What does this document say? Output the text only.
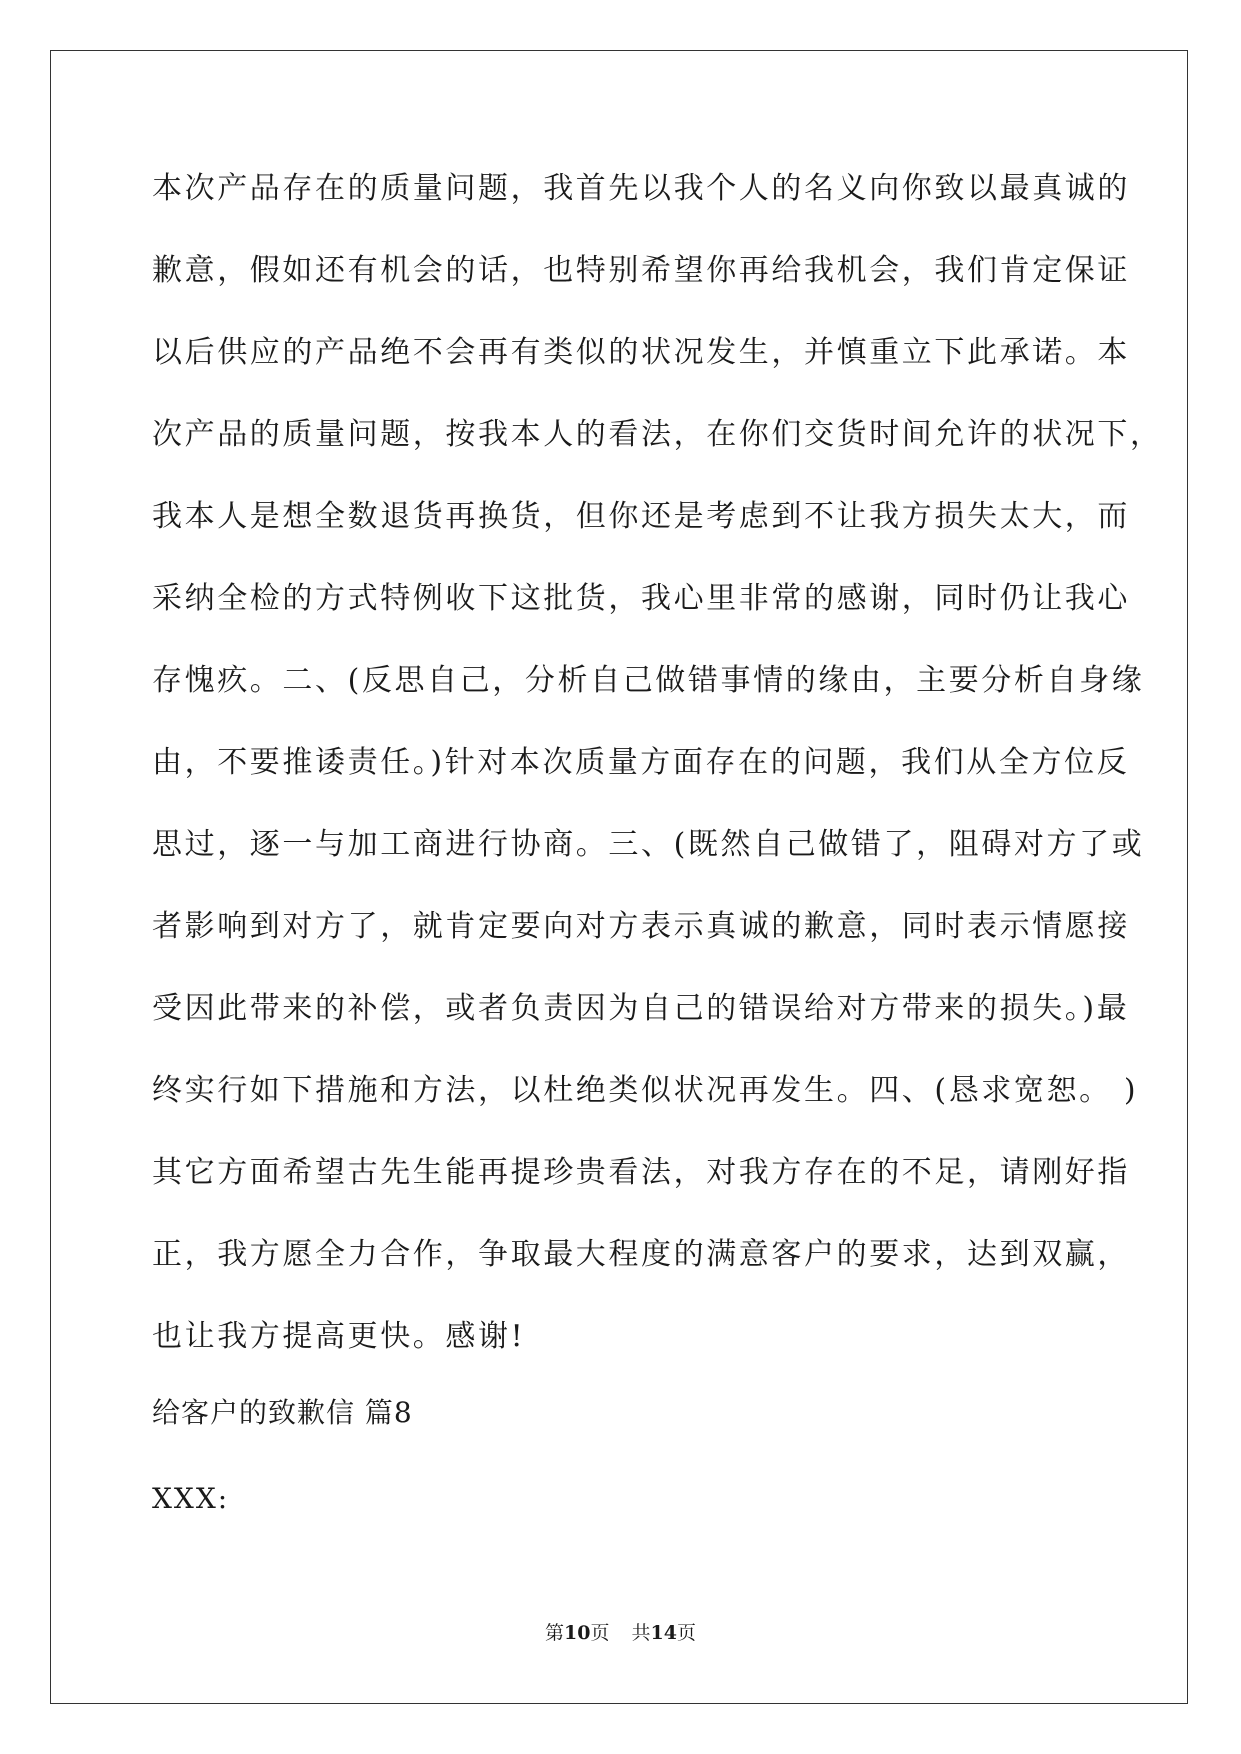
本次产品存在的质量问题，我首先以我个人的名义向你致以最真诚的
歉意，假如还有机会的话，也特别希望你再给我机会，我们肯定保证
以后供应的产品绝不会再有类似的状况发生，并慎重立下此承诺。本
次产品的质量问题，按我本人的看法，在你们交货时间允许的状况下，
我本人是想全数退货再换货，但你还是考虑到不让我方损失太大，而
采纳全检的方式特例收下这批货，我心里非常的感谢，同时仍让我心
存愧疚。二、(反思自己，分析自己做错事情的缘由，主要分析自身缘
由，不要推诿责任。)针对本次质量方面存在的问题，我们从全方位反
思过，逐一与加工商进行协商。三、(既然自己做错了，阻碍对方了或
者影响到对方了，就肯定要向对方表示真诚的歉意，同时表示情愿接
受因此带来的补偿，或者负责因为自己的错误给对方带来的损失。)最
终实行如下措施和方法，以杜绝类似状况再发生。四、(恳求宽恕。 )
其它方面希望古先生能再提珍贵看法，对我方存在的不足，请刚好指
正，我方愿全力合作，争取最大程度的满意客户的要求，达到双赢，
也让我方提高更快。感谢!
给客户的致歉信 篇8
XXX:
第10页 共14页
